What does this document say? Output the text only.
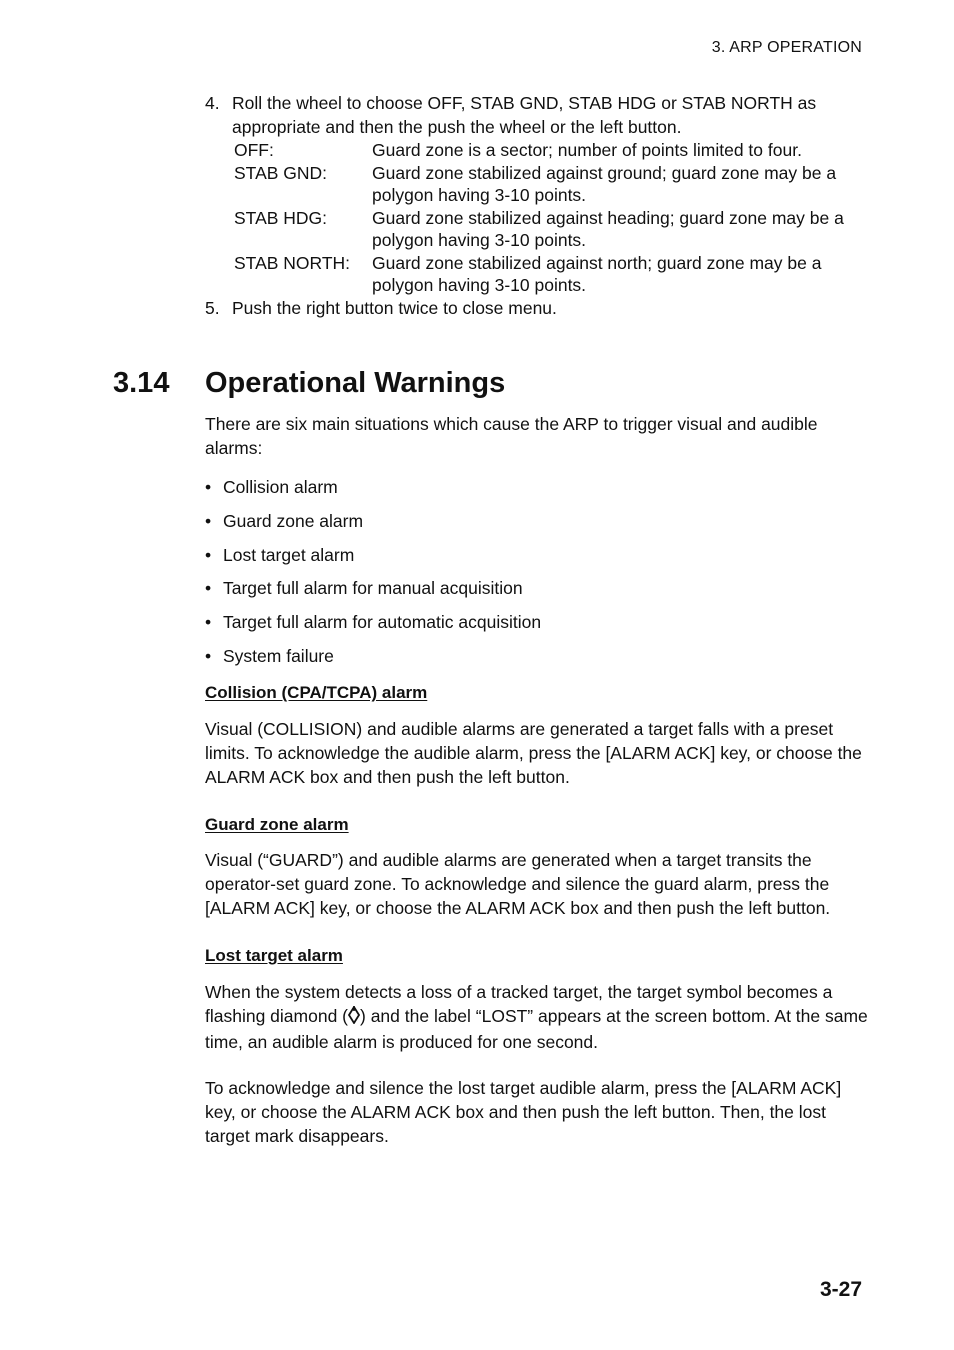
3. ARP OPERATION
4. Roll the wheel to choose OFF, STAB GND, STAB HDG or STAB NORTH as appropriate and then the push the wheel or the left button.
OFF:	Guard zone is a sector; number of points limited to four.
STAB GND:	Guard zone stabilized against ground; guard zone may be a polygon having 3-10 points.
STAB HDG:	Guard zone stabilized against heading; guard zone may be a polygon having 3-10 points.
STAB NORTH:	Guard zone stabilized against north; guard zone may be a polygon having 3-10 points.
5. Push the right button twice to close menu.
3.14 Operational Warnings

There are six main situations which cause the ARP to trigger visual and audible alarms:

• Collision alarm
• Guard zone alarm
• Lost target alarm
• Target full alarm for manual acquisition
• Target full alarm for automatic acquisition
• System failure
Collision (CPA/TCPA) alarm

Visual (COLLISION) and audible alarms are generated a target falls with a preset limits. To acknowledge the audible alarm, press the [ALARM ACK] key, or choose the ALARM ACK box and then push the left button.

Guard zone alarm

Visual (“GUARD”) and audible alarms are generated when a target transits the operator-set guard zone. To acknowledge and silence the guard alarm, press the [ALARM ACK] key, or choose the ALARM ACK box and then push the left button.

Lost target alarm

When the system detects a loss of a tracked target, the target symbol becomes a flashing diamond ( ) and the label “LOST” appears at the screen bottom. At the same time, an audible alarm is produced for one second.

To acknowledge and silence the lost target audible alarm, press the [ALARM ACK] key, or choose the ALARM ACK box and then push the left button. Then, the lost target mark disappears.

3-27
